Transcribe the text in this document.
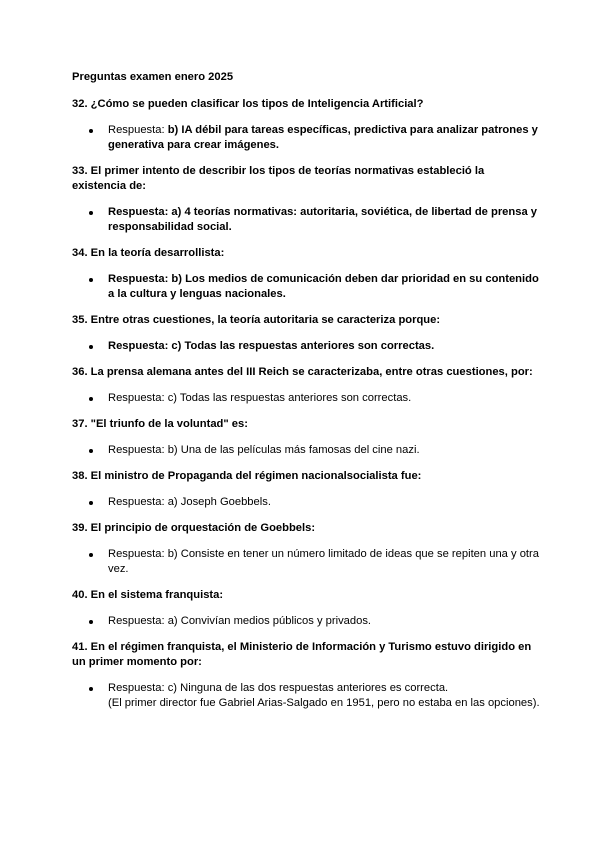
Preguntas examen enero 2025
32. ¿Cómo se pueden clasificar los tipos de Inteligencia Artificial?
Respuesta: b) IA débil para tareas específicas, predictiva para analizar patrones y generativa para crear imágenes.
33. El primer intento de describir los tipos de teorías normativas estableció la existencia de:
Respuesta: a) 4 teorías normativas: autoritaria, soviética, de libertad de prensa y responsabilidad social.
34. En la teoría desarrollista:
Respuesta: b) Los medios de comunicación deben dar prioridad en su contenido a la cultura y lenguas nacionales.
35. Entre otras cuestiones, la teoría autoritaria se caracteriza porque:
Respuesta: c) Todas las respuestas anteriores son correctas.
36. La prensa alemana antes del III Reich se caracterizaba, entre otras cuestiones, por:
Respuesta: c) Todas las respuestas anteriores son correctas.
37. "El triunfo de la voluntad" es:
Respuesta: b) Una de las películas más famosas del cine nazi.
38. El ministro de Propaganda del régimen nacionalsocialista fue:
Respuesta: a) Joseph Goebbels.
39. El principio de orquestación de Goebbels:
Respuesta: b) Consiste en tener un número limitado de ideas que se repiten una y otra vez.
40. En el sistema franquista:
Respuesta: a) Convivían medios públicos y privados.
41. En el régimen franquista, el Ministerio de Información y Turismo estuvo dirigido en un primer momento por:
Respuesta: c) Ninguna de las dos respuestas anteriores es correcta.
(El primer director fue Gabriel Arias-Salgado en 1951, pero no estaba en las opciones).
